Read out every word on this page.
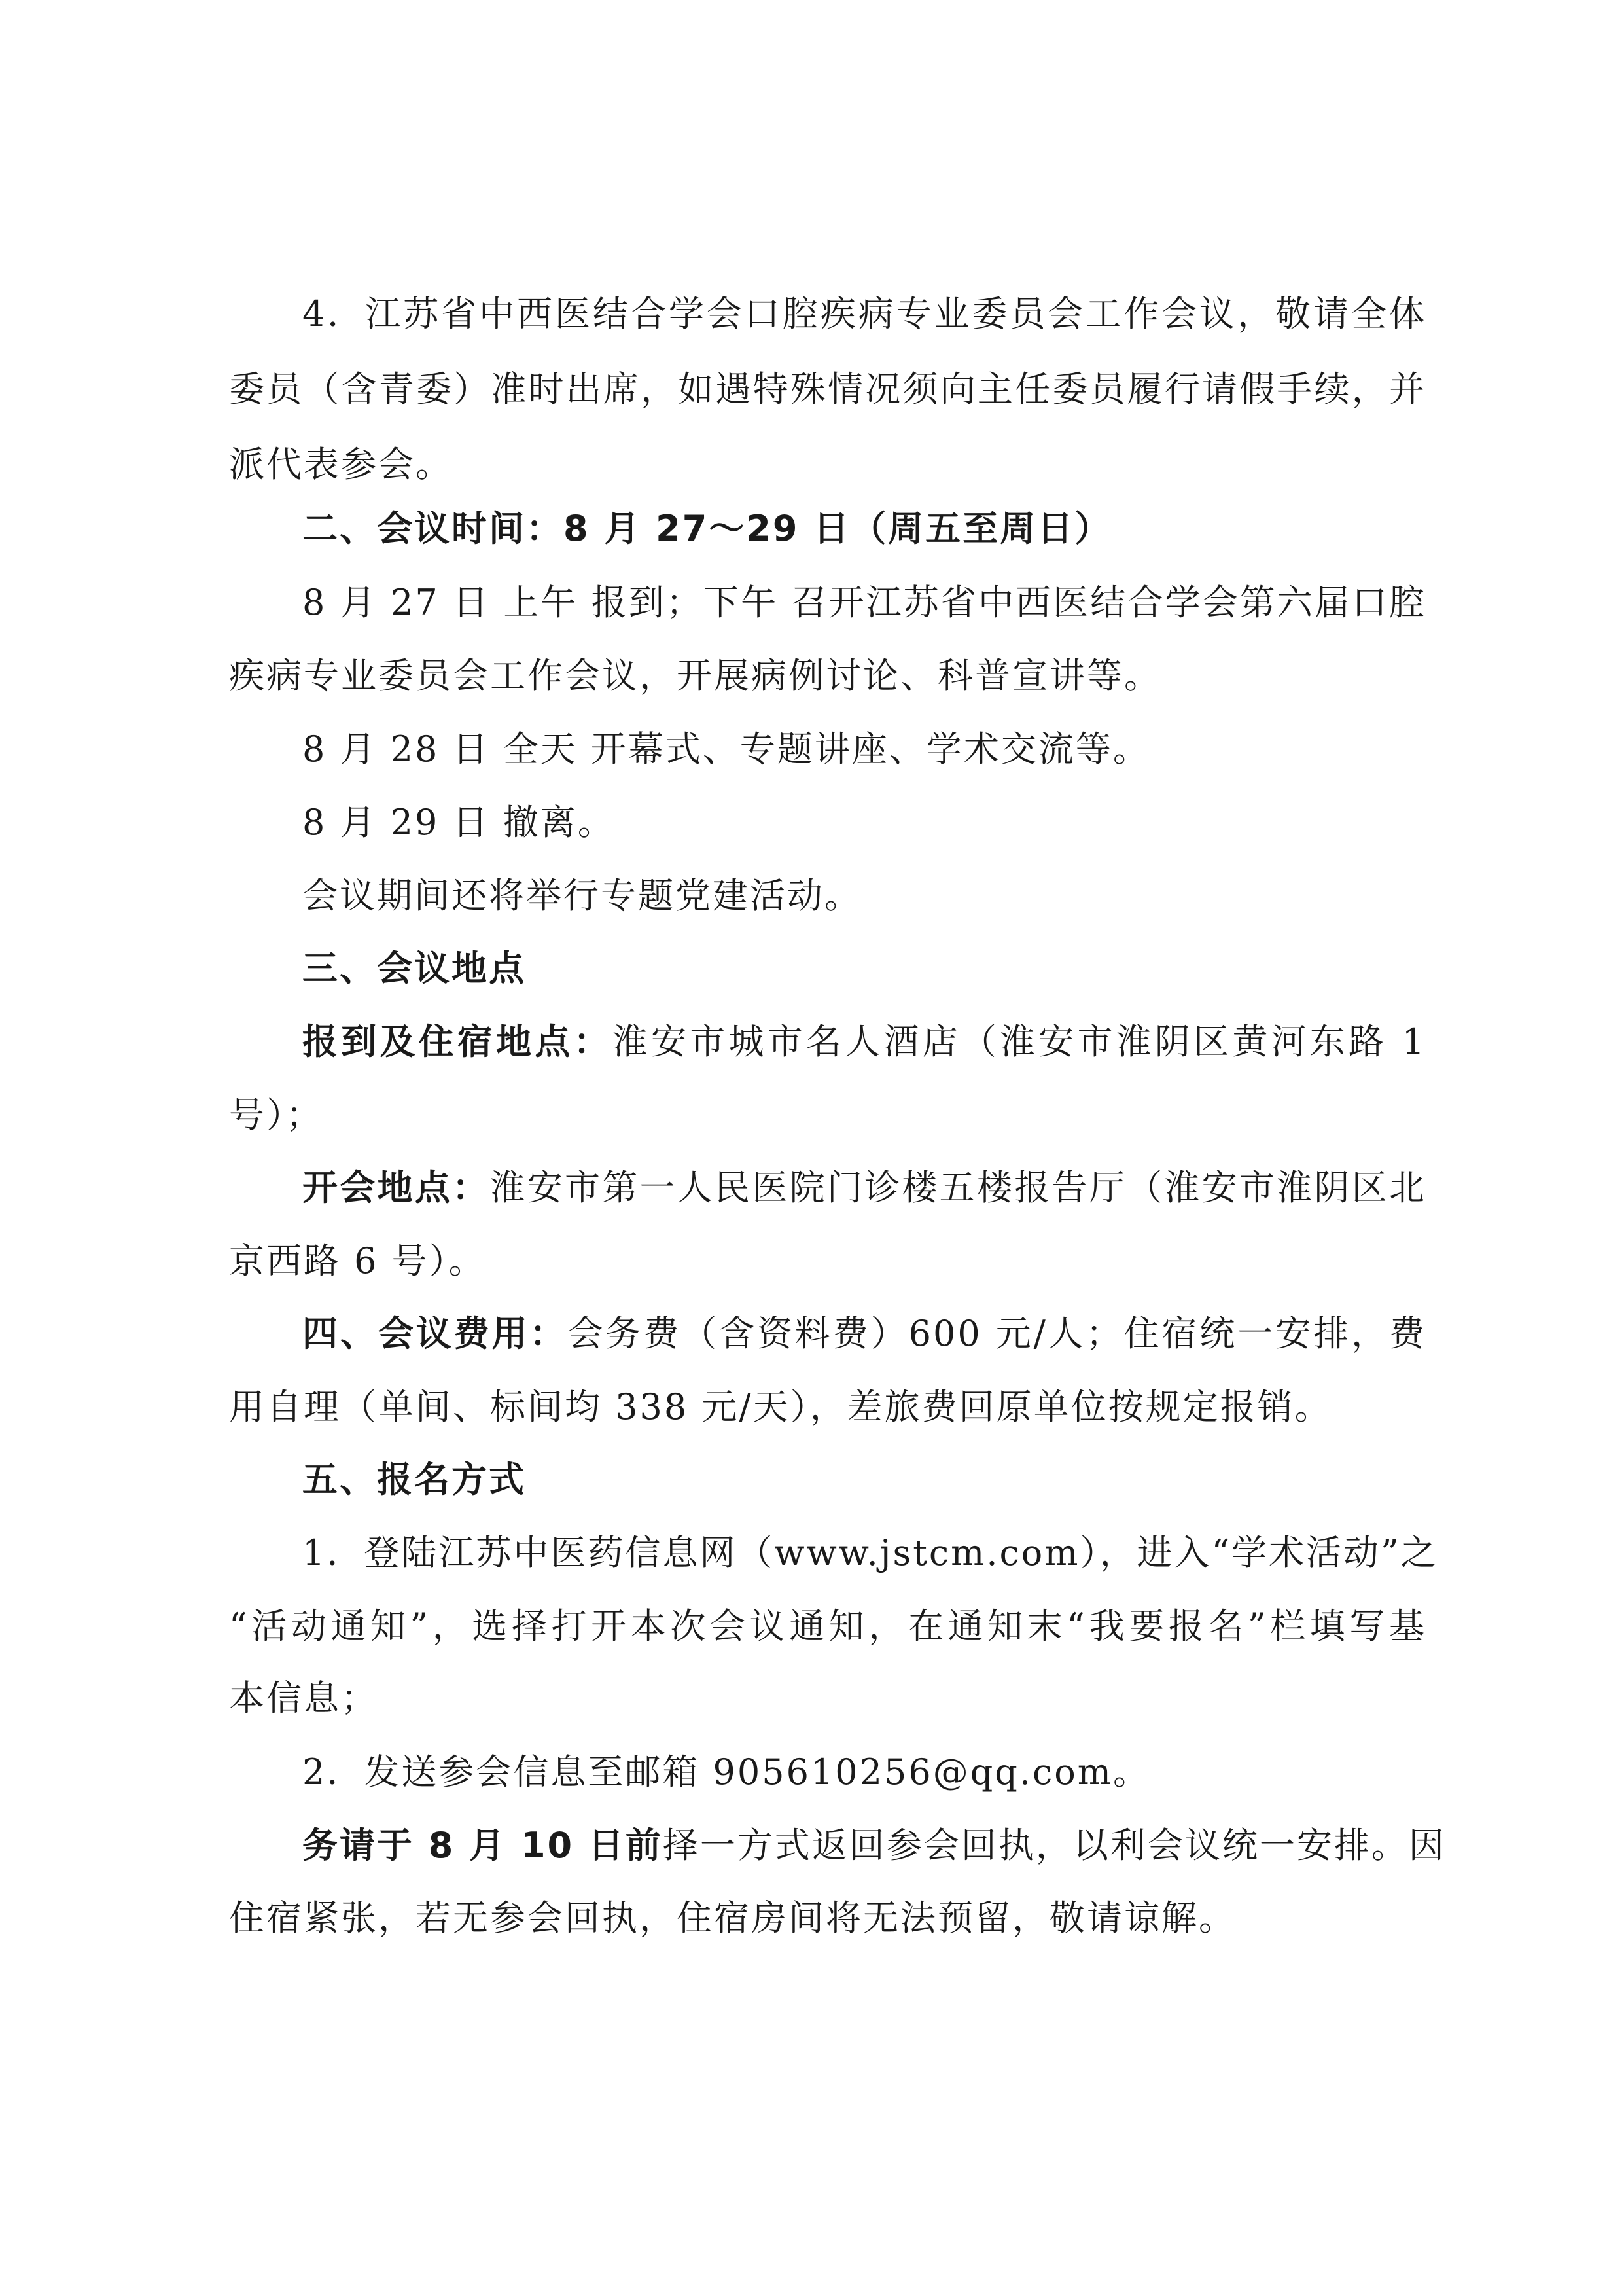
4．江苏省中西医结合学会口腔疾病专业委员会工作会议，敬请全体
委员（含青委）准时出席，如遇特殊情况须向主任委员履行请假手续，并
派代表参会。
二、会议时间：8 月 27～29 日（周五至周日）
8 月 27 日 上午 报到；下午 召开江苏省中西医结合学会第六届口腔
疾病专业委员会工作会议，开展病例讨论、科普宣讲等。
8 月 28 日 全天 开幕式、专题讲座、学术交流等。
8 月 29 日 撤离。
会议期间还将举行专题党建活动。
三、会议地点
报到及住宿地点：淮安市城市名人酒店（淮安市淮阴区黄河东路 1
号）；
开会地点：淮安市第一人民医院门诊楼五楼报告厅（淮安市淮阴区北
京西路 6 号）。
四、会议费用：会务费（含资料费）600 元/人；住宿统一安排，费
用自理（单间、标间均 338 元/天），差旅费回原单位按规定报销。
五、报名方式
1．登陆江苏中医药信息网（www.jstcm.com），进入“学术活动”之
“活动通知”，选择打开本次会议通知，在通知末“我要报名”栏填写基
本信息；
2．发送参会信息至邮箱 905610256@qq.com。
务请于 8 月 10 日前择一方式返回参会回执，以利会议统一安排。因
住宿紧张，若无参会回执，住宿房间将无法预留，敬请谅解。
